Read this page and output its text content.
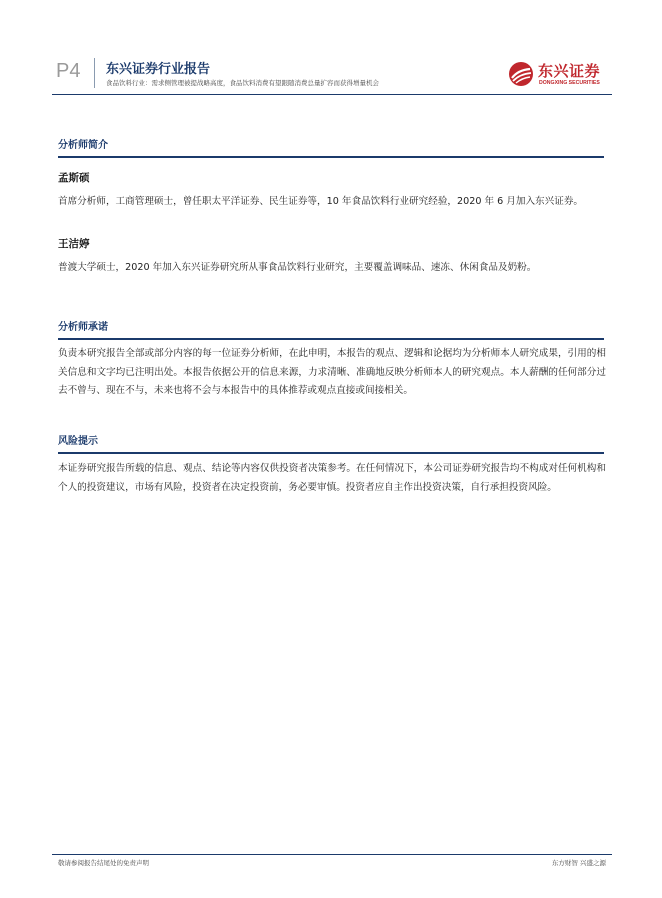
P4 东兴证券行业报告
食品饮料行业：需求侧管理被提战略高度，食品饮料消费有望跟随消费总量扩容而获得增量机会
东兴证券
DONGXING SECURITIES
分析师简介
孟斯硕
首席分析师，工商管理硕士，曾任职太平洋证券、民生证券等，10 年食品饮料行业研究经验，2020 年 6 月加入东兴证券。
王洁婷
普渡大学硕士，2020 年加入东兴证券研究所从事食品饮料行业研究，主要覆盖调味品、速冻、休闲食品及奶粉。
分析师承诺
负责本研究报告全部或部分内容的每一位证券分析师，在此申明，本报告的观点、逻辑和论据均为分析师本人研究成果，引用的相关信息和文字均已注明出处。本报告依据公开的信息来源，力求清晰、准确地反映分析师本人的研究观点。本人薪酬的任何部分过去不曾与、现在不与，未来也将不会与本报告中的具体推荐或观点直接或间接相关。
风险提示
本证券研究报告所载的信息、观点、结论等内容仅供投资者决策参考。在任何情况下，本公司证券研究报告均不构成对任何机构和个人的投资建议，市场有风险，投资者在决定投资前，务必要审慎。投资者应自主作出投资决策，自行承担投资风险。
敬请参阅报告结尾处的免责声明	东方财智 兴盛之源
